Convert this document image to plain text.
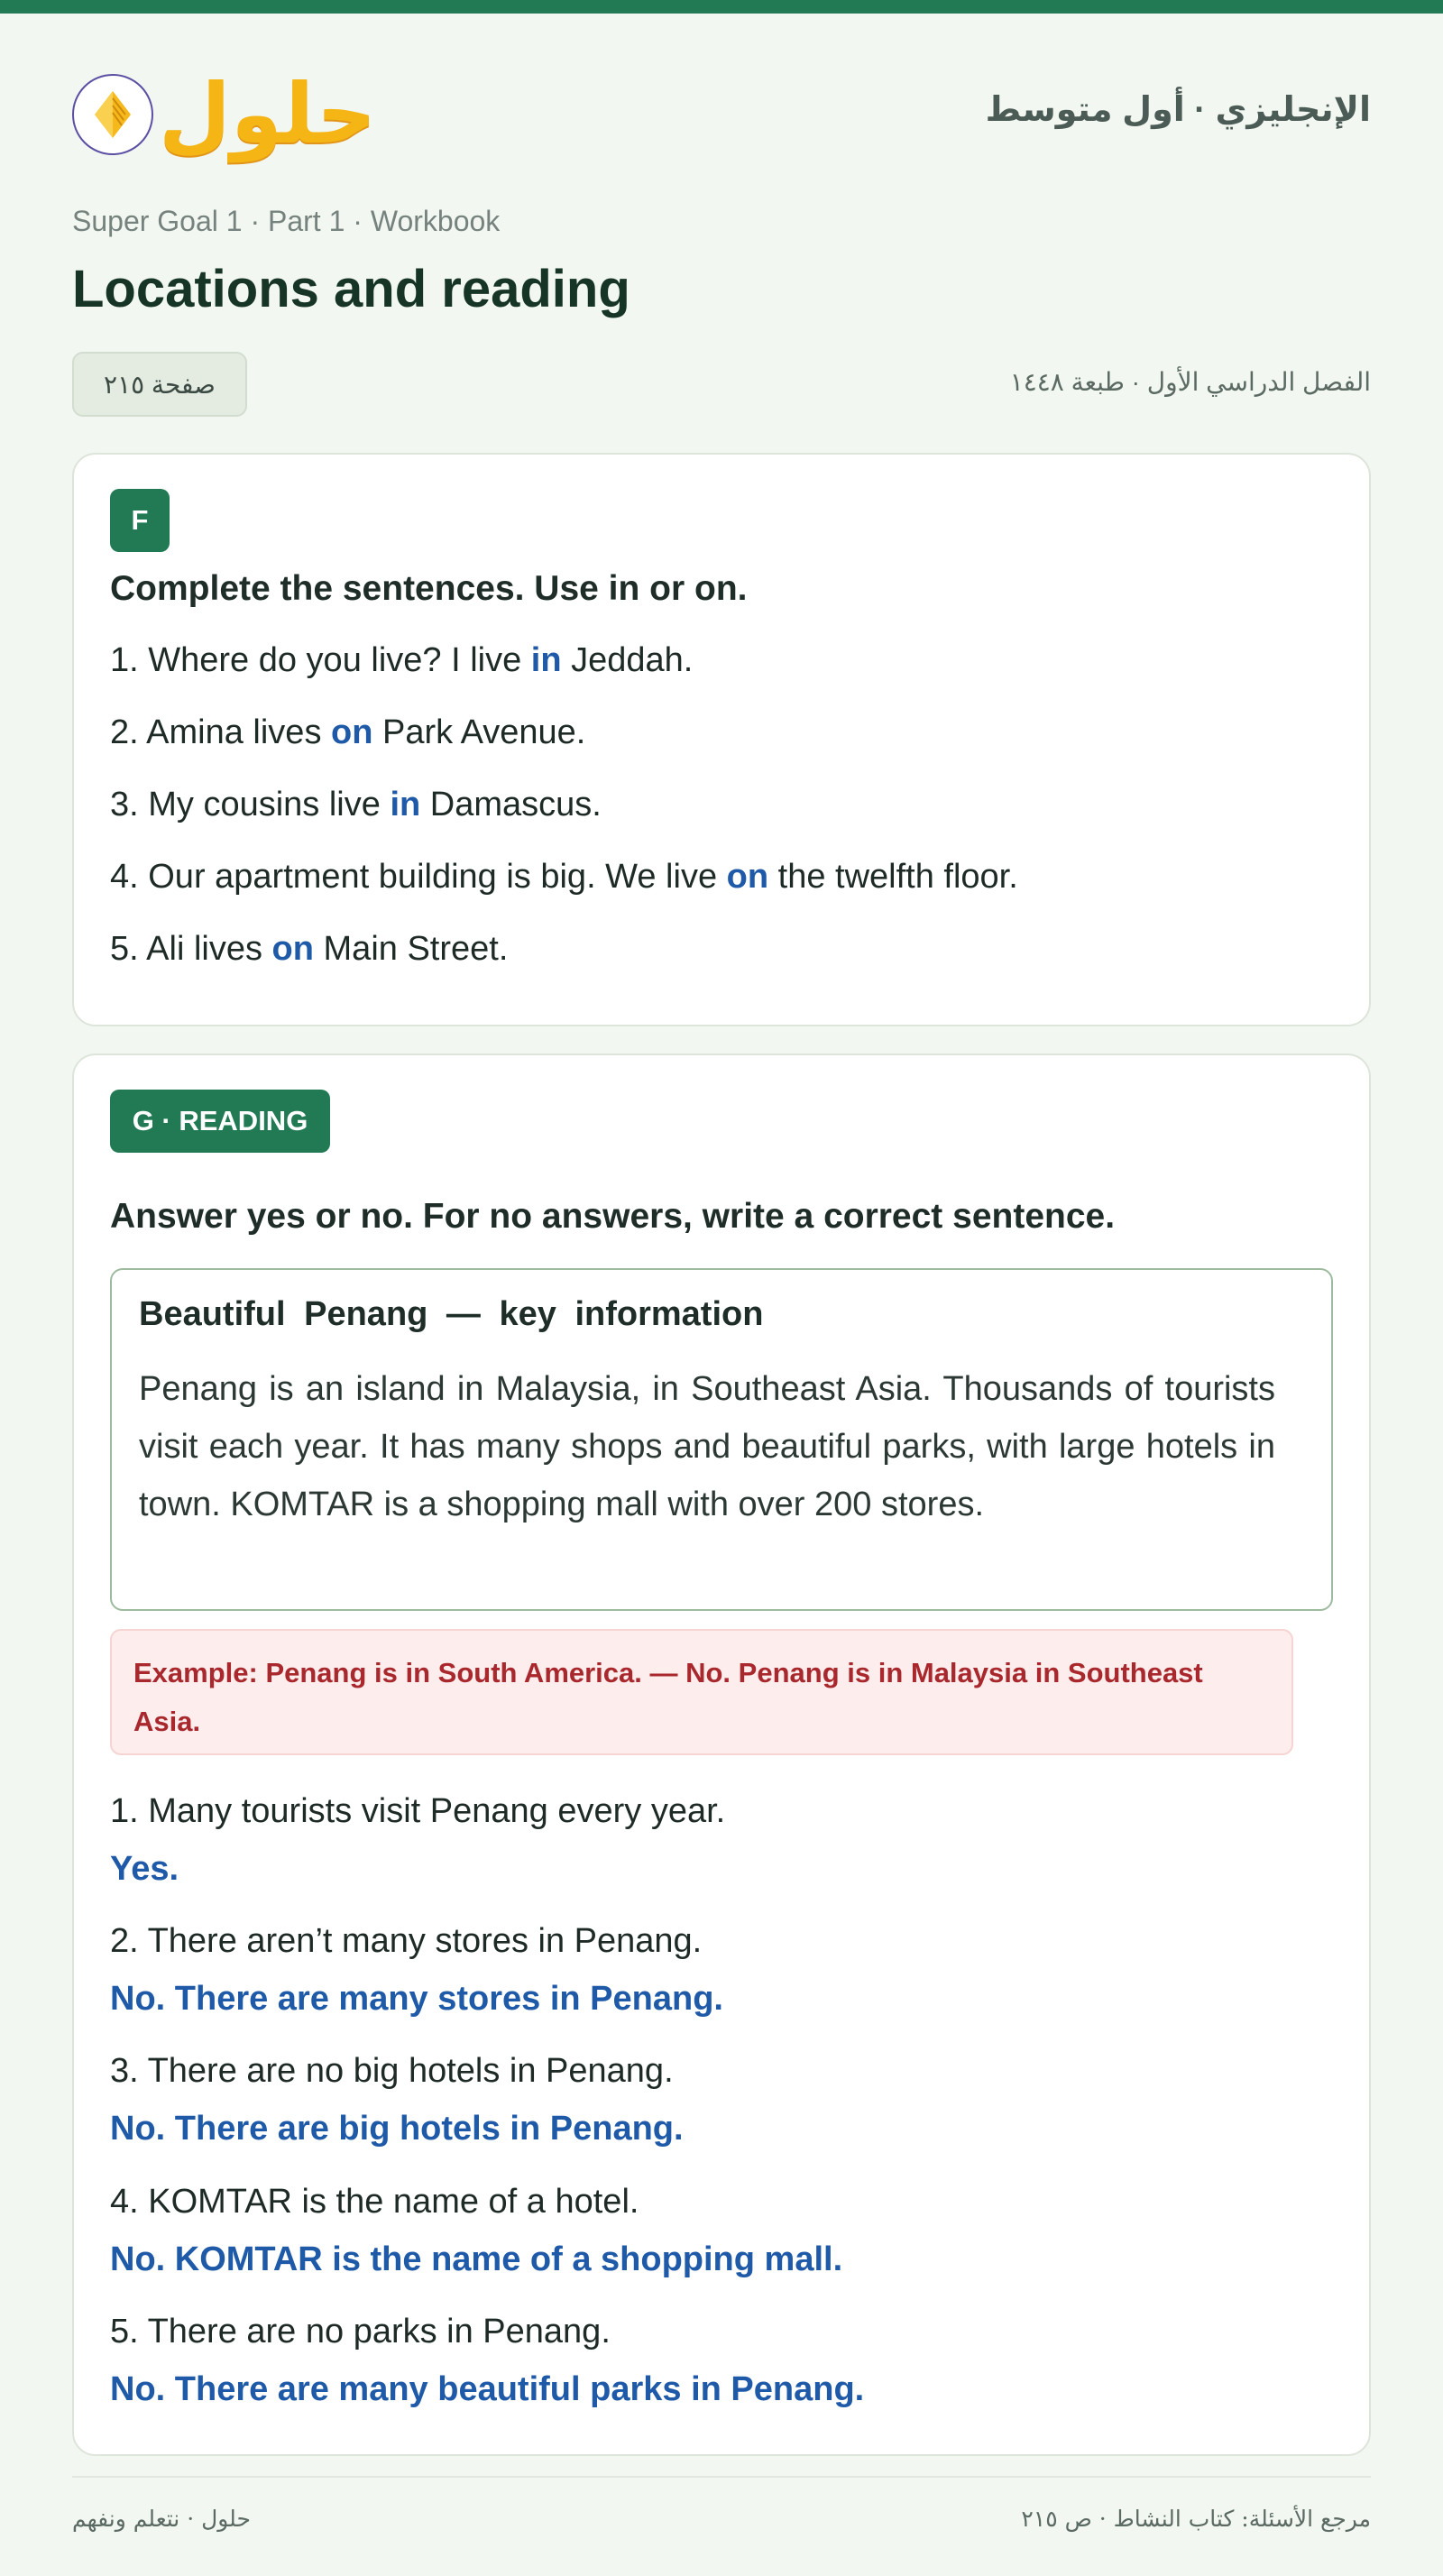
حلول	الإنجليزي · أول متوسط
Super Goal 1 · Part 1 · Workbook
Locations and reading
صفحة ٢١٥	الفصل الدراسي الأول · طبعة ١٤٤٨
F

Complete the sentences. Use in or on.

1. Where do you live? I live in Jeddah.
2. Amina lives on Park Avenue.
3. My cousins live in Damascus.
4. Our apartment building is big. We live on the twelfth floor.
5. Ali lives on Main Street.
G · READING

Answer yes or no. For no answers, write a correct sentence.

Beautiful Penang — key information
Penang is an island in Malaysia, in Southeast Asia. Thousands of tourists visit each year. It has many shops and beautiful parks, with large hotels in town. KOMTAR is a shopping mall with over 200 stores.
Example: Penang is in South America. — No. Penang is in Malaysia in Southeast Asia.
1. Many tourists visit Penang every year.
Yes.
2. There aren’t many stores in Penang.
No. There are many stores in Penang.
3. There are no big hotels in Penang.
No. There are big hotels in Penang.
4. KOMTAR is the name of a hotel.
No. KOMTAR is the name of a shopping mall.
5. There are no parks in Penang.
No. There are many beautiful parks in Penang.
حلول · نتعلم ونفهم	مرجع الأسئلة: كتاب النشاط · ص ٢١٥
